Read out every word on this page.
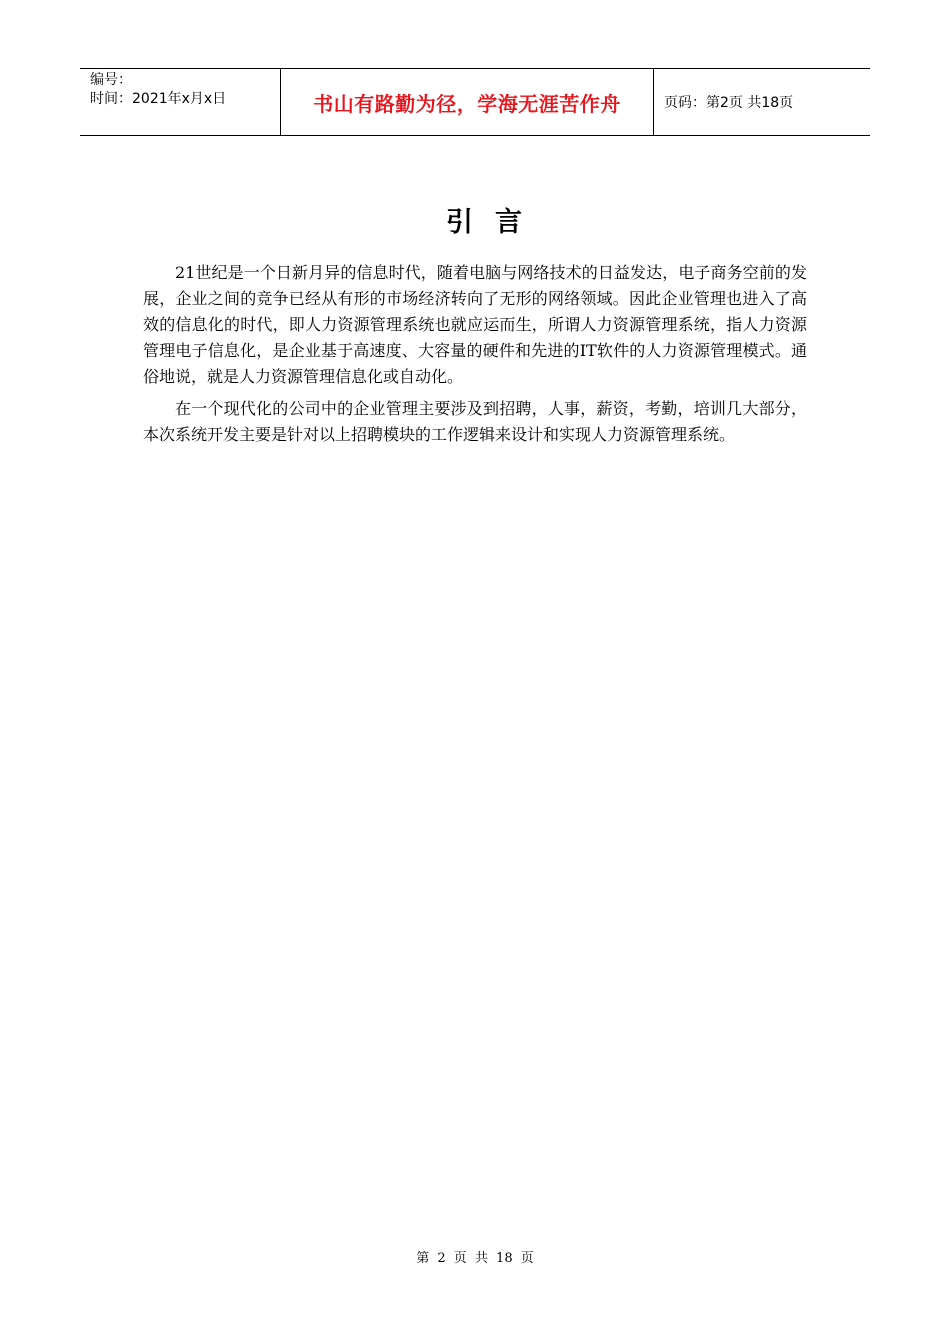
编号：
时间：2021年x月x日	书山有路勤为径，学海无涯苦作舟	页码：第2页 共18页
引言

21世纪是一个日新月异的信息时代，随着电脑与网络技术的日益发达，电子商务空前的发展，企业之间的竞争已经从有形的市场经济转向了无形的网络领域。因此企业管理也进入了高效的信息化的时代，即人力资源管理系统也就应运而生，所谓人力资源管理系统，指人力资源管理电子信息化，是企业基于高速度、大容量的硬件和先进的IT软件的人力资源管理模式。通俗地说，就是人力资源管理信息化或自动化。

在一个现代化的公司中的企业管理主要涉及到招聘，人事，薪资，考勤，培训几大部分，本次系统开发主要是针对以上招聘模块的工作逻辑来设计和实现人力资源管理系统。

第 2 页 共 18 页
